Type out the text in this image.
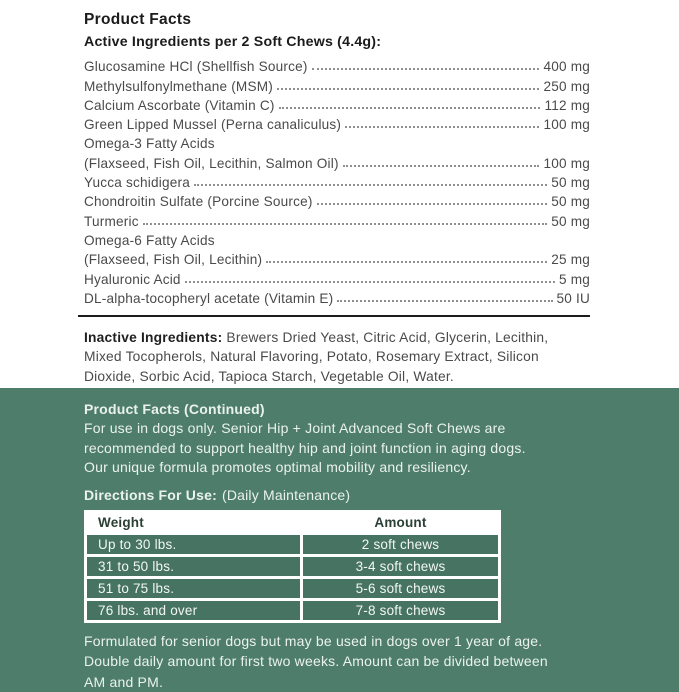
Product Facts
Active Ingredients per 2 Soft Chews (4.4g):
Glucosamine HCl (Shellfish Source)	400 mg
Methylsulfonylmethane (MSM)	250 mg
Calcium Ascorbate (Vitamin C)	112 mg
Green Lipped Mussel (Perna canaliculus)	100 mg
Omega-3 Fatty Acids
(Flaxseed, Fish Oil, Lecithin, Salmon Oil)	100 mg
Yucca schidigera	50 mg
Chondroitin Sulfate (Porcine Source)	50 mg
Turmeric	50 mg
Omega-6 Fatty Acids
(Flaxseed, Fish Oil, Lecithin)	25 mg
Hyaluronic Acid	5 mg
DL-alpha-tocopheryl acetate (Vitamin E)	50 IU

Inactive Ingredients: Brewers Dried Yeast, Citric Acid, Glycerin, Lecithin,
Mixed Tocopherols, Natural Flavoring, Potato, Rosemary Extract, Silicon
Dioxide, Sorbic Acid, Tapioca Starch, Vegetable Oil, Water.

Product Facts (Continued)

For use in dogs only. Senior Hip + Joint Advanced Soft Chews are
recommended to support healthy hip and joint function in aging dogs.
Our unique formula promotes optimal mobility and resiliency.
Directions For Use: (Daily Maintenance)
Weight	Amount
Up to 30 lbs.	2 soft chews
31 to 50 lbs.	3-4 soft chews
51 to 75 lbs.	5-6 soft chews
76 lbs. and over	7-8 soft chews
Formulated for senior dogs but may be used in dogs over 1 year of age.
Double daily amount for first two weeks. Amount can be divided between
AM and PM.
